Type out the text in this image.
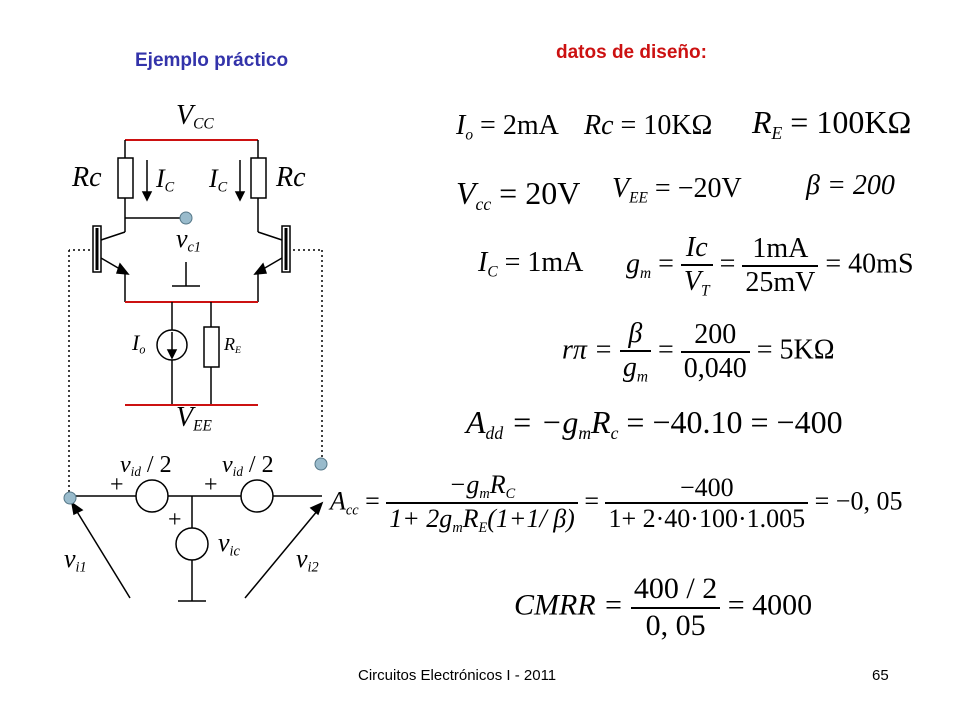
Ejemplo práctico	datos de diseño:
$V_{CC}$
Rc	Rc
$I_C$ $I_C$
$v_{c1}$
$I_o$	$R_E$
$V_{EE}$
$v_{id} / 2$ $v_{id} / 2$
+	+
+
$v_{ic}$
$v_{i1}$	$v_{i2}$
$I_o = 2mA$ Rc = 10KΩ $R_E = 100K\Omega$
$V_{cc} = 20V$ $V_{EE} = -20V$ β = 200
$I_C = 1mA$ $g_m = \frac{Ic}{V_T} = \frac{1mA}{25mV} = 40mS$
$r\pi = \frac{\beta}{g_m} = \frac{200}{0,040} = 5K\Omega$
$A_{dd} = -g_mR_c = -40.10 = -400$
$A_{cc} = \frac{-g_mR_C}{1+ 2g_mR_E(1+1/ \beta)} = \frac{-400}{1+ 2\cdot 40\cdot 100\cdot 1.005} = -0$, 05
CMRR = $\frac{400 / 2}{0, 05} = 4000$
Circuitos Electrónicos I - 2011	65
